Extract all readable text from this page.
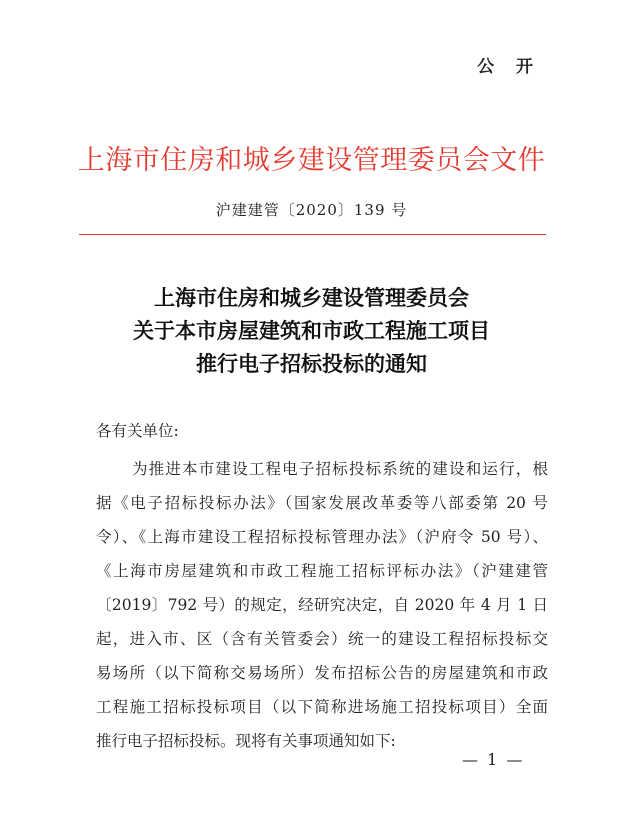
公 开
上海市住房和城乡建设管理委员会文件
沪建建管〔2020〕139 号
上海市住房和城乡建设管理委员会
关于本市房屋建筑和市政工程施工项目
推行电子招标投标的通知
各有关单位:
为推进本市建设工程电子招标投标系统的建设和运行，根
据《电子招标投标办法》（国家发展改革委等八部委第 20 号
令）、《上海市建设工程招标投标管理办法》（沪府令 50 号）、
《上海市房屋建筑和市政工程施工招标评标办法》（沪建建管
〔2019〕792 号）的规定，经研究决定，自 2020 年 4 月 1 日
起，进入市、区（含有关管委会）统一的建设工程招标投标交
易场所（以下简称交易场所）发布招标公告的房屋建筑和市政
工程施工招标投标项目（以下简称进场施工招投标项目）全面
推行电子招标投标。现将有关事项通知如下:
— 1 —
